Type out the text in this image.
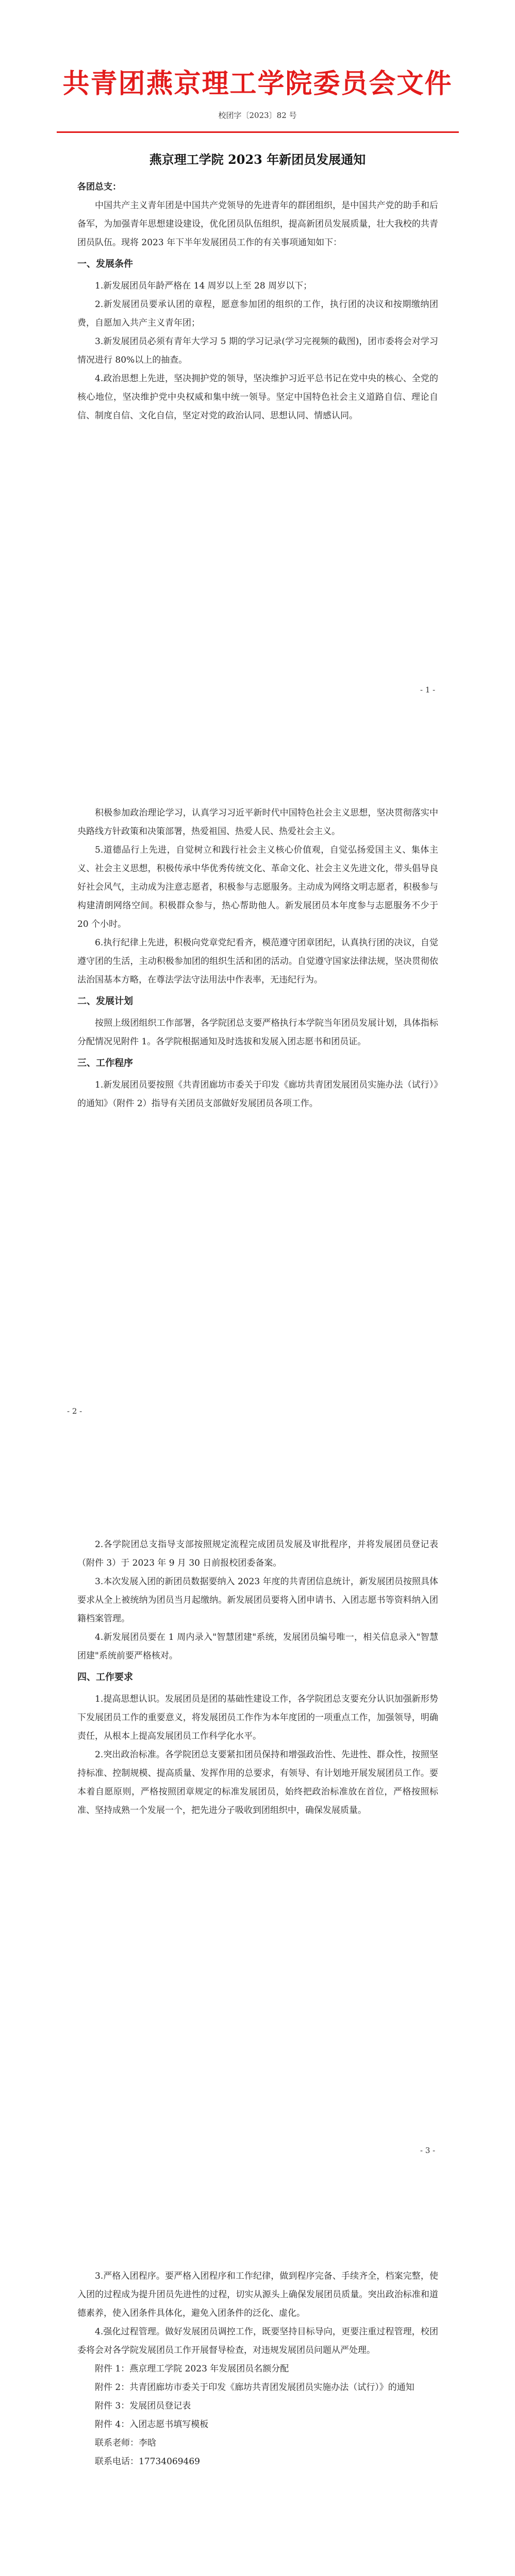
共青团燕京理工学院委员会文件
校团字〔2023〕82 号
燕京理工学院 2023 年新团员发展通知
各团总支：

中国共产主义青年团是中国共产党领导的先进青年的群团组织，是中国共产党的助手和后备军，为加强青年思想建设建设，优化团员队伍组织，提高新团员发展质量，壮大我校的共青团员队伍。现将 2023 年下半年发展团员工作的有关事项通知如下：

一、发展条件

1.新发展团员年龄严格在 14 周岁以上至 28 周岁以下；

2.新发展团员要承认团的章程，愿意参加团的组织的工作，执行团的决议和按期缴纳团费，自愿加入共产主义青年团；

3.新发展团员必须有青年大学习 5 期的学习记录(学习完视频的截图)，团市委将会对学习情况进行 80%以上的抽查。

4.政治思想上先进，坚决拥护党的领导，坚决维护习近平总书记在党中央的核心、全党的核心地位，坚决维护党中央权威和集中统一领导。坚定中国特色社会主义道路自信、理论自信、制度自信、文化自信，坚定对党的政治认同、思想认同、情感认同。

- 1 -

积极参加政治理论学习，认真学习习近平新时代中国特色社会主义思想，坚决贯彻落实中央路线方针政策和决策部署，热爱祖国、热爱人民、热爱社会主义。

5.道德品行上先进，自觉树立和践行社会主义核心价值观，自觉弘扬爱国主义、集体主义、社会主义思想，积极传承中华优秀传统文化、革命文化、社会主义先进文化，带头倡导良好社会风气，主动成为注意志愿者，积极参与志愿服务。主动成为网络文明志愿者，积极参与构建清朗网络空间。积极群众参与，热心帮助他人。新发展团员本年度参与志愿服务不少于 20 个小时。

6.执行纪律上先进，积极向党章党纪看齐，模范遵守团章团纪，认真执行团的决议，自觉遵守团的生活，主动积极参加团的组织生活和团的活动。自觉遵守国家法律法规，坚决贯彻依法治国基本方略，在尊法学法守法用法中作表率，无违纪行为。

二、发展计划

按照上级团组织工作部署，各学院团总支要严格执行本学院当年团员发展计划，具体指标分配情况见附件 1。各学院根据通知及时选拔和发展入团志愿书和团员证。

三、工作程序

1.新发展团员要按照《共青团廊坊市委关于印发《廊坊共青团发展团员实施办法（试行）》的通知》（附件 2）指导有关团员支部做好发展团员各项工作。

- 2 -

2.各学院团总支指导支部按照规定流程完成团员发展及审批程序，并将发展团员登记表（附件 3）于 2023 年 9 月 30 日前报校团委备案。

3.本次发展入团的新团员数据要纳入 2023 年度的共青团信息统计，新发展团员按照具体要求从全上被统纳为团员当月起缴纳。新发展团员要将入团申请书、入团志愿书等资料纳入团籍档案管理。

4.新发展团员要在 1 周内录入"智慧团建"系统，发展团员编号唯一，相关信息录入"智慧团建"系统前要严格核对。

四、工作要求

1.提高思想认识。发展团员是团的基础性建设工作，各学院团总支要充分认识加强新形势下发展团员工作的重要意义，将发展团员工作作为本年度团的一项重点工作，加强领导，明确责任，从根本上提高发展团员工作科学化水平。

2.突出政治标准。各学院团总支要紧扣团员保持和增强政治性、先进性、群众性，按照坚持标准、控制规模、提高质量、发挥作用的总要求，有领导、有计划地开展发展团员工作。要本着自愿原则，严格按照团章规定的标准发展团员，始终把政治标准放在首位，严格按照标准、坚持成熟一个发展一个，把先进分子吸收到团组织中，确保发展质量。

- 3 -

3.严格入团程序。要严格入团程序和工作纪律，做到程序完备、手续齐全，档案完整，使入团的过程成为提升团员先进性的过程，切实从源头上确保发展团员质量。突出政治标准和道德素养，使入团条件具体化，避免入团条件的泛化、虚化。

4.强化过程管理。做好发展团员调控工作，既要坚持目标导向，更要注重过程管理，校团委将会对各学院发展团员工作开展督导检查，对违规发展团员问题从严处理。

附件 1：燕京理工学院 2023 年发展团员名额分配

附件 2：共青团廊坊市委关于印发《廊坊共青团发展团员实施办法（试行）》的通知

附件 3：发展团员登记表

附件 4：入团志愿书填写模板

联系老师：李晗

联系电话：17734069469
